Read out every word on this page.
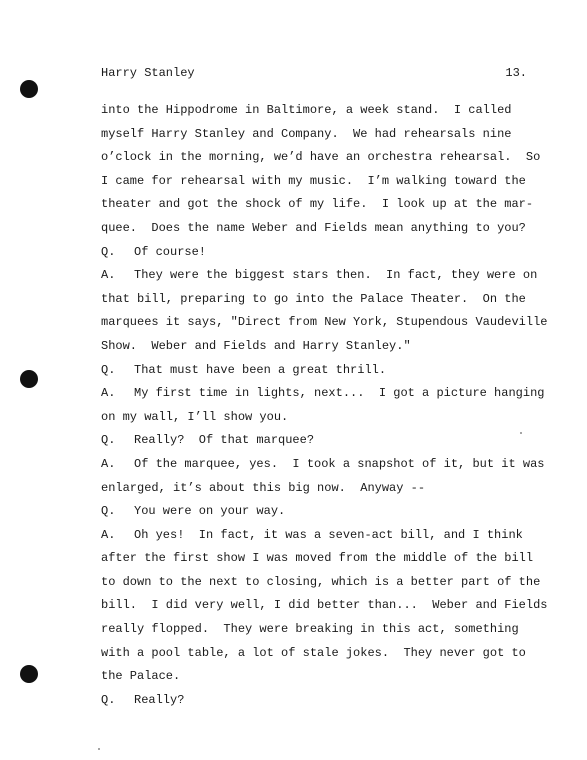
Harry Stanley	13.
into the Hippodrome in Baltimore, a week stand.  I called
myself Harry Stanley and Company.  We had rehearsals nine
o’clock in the morning, we’d have an orchestra rehearsal.  So
I came for rehearsal with my music.  I’m walking toward the
theater and got the shock of my life.  I look up at the mar-
quee.  Does the name Weber and Fields mean anything to you?
Q. Of course!
A. They were the biggest stars then.  In fact, they were on
that bill, preparing to go into the Palace Theater.  On the
marquees it says, "Direct from New York, Stupendous Vaudeville
Show.  Weber and Fields and Harry Stanley."
Q. That must have been a great thrill.
A. My first time in lights, next...  I got a picture hanging
on my wall, I’ll show you.
Q. Really?  Of that marquee?
A. Of the marquee, yes.  I took a snapshot of it, but it was
enlarged, it’s about this big now.  Anyway --
Q. You were on your way.
A. Oh yes!  In fact, it was a seven-act bill, and I think
after the first show I was moved from the middle of the bill
to down to the next to closing, which is a better part of the
bill.  I did very well, I did better than...  Weber and Fields
really flopped.  They were breaking in this act, something
with a pool table, a lot of stale jokes.  They never got to
the Palace.
Q. Really?
